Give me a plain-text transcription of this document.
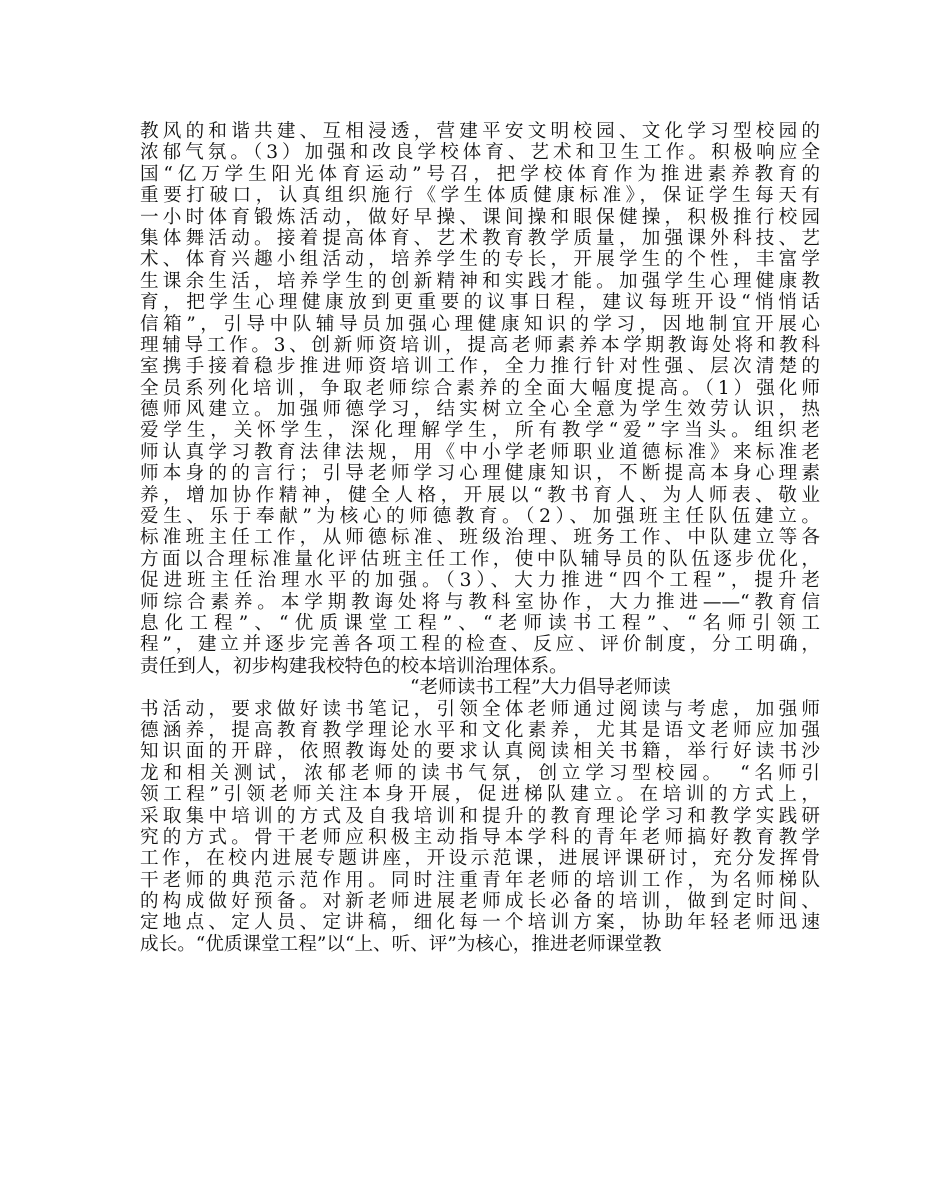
教风的和谐共建、互相浸透，营建平安文明校园、文化学习型校园的
浓郁气氛。（3）加强和改良学校体育、艺术和卫生工作。积极响应全
国“亿万学生阳光体育运动”号召，把学校体育作为推进素养教育的
重要打破口，认真组织施行《学生体质健康标准》，保证学生每天有
一小时体育锻炼活动，做好早操、课间操和眼保健操，积极推行校园
集体舞活动。接着提高体育、艺术教育教学质量，加强课外科技、艺
术、体育兴趣小组活动，培养学生的专长，开展学生的个性，丰富学
生课余生活，培养学生的创新精神和实践才能。加强学生心理健康教
育，把学生心理健康放到更重要的议事日程，建议每班开设“悄悄话
信箱”，引导中队辅导员加强心理健康知识的学习，因地制宜开展心
理辅导工作。3、创新师资培训，提高老师素养本学期教诲处将和教科
室携手接着稳步推进师资培训工作，全力推行针对性强、层次清楚的
全员系列化培训，争取老师综合素养的全面大幅度提高。（1）强化师
德师风建立。加强师德学习，结实树立全心全意为学生效劳认识，热
爱学生，关怀学生，深化理解学生，所有教学“爱”字当头。组织老
师认真学习教育法律法规，用《中小学老师职业道德标准》来标准老
师本身的的言行；引导老师学习心理健康知识，不断提高本身心理素
养，增加协作精神，健全人格，开展以“教书育人、为人师表、敬业
爱生、乐于奉献”为核心的师德教育。（2）、加强班主任队伍建立。
标准班主任工作，从师德标准、班级治理、班务工作、中队建立等各
方面以合理标准量化评估班主任工作，使中队辅导员的队伍逐步优化，
促进班主任治理水平的加强。（3）、大力推进“四个工程”，提升老
师综合素养。本学期教诲处将与教科室协作，大力推进——“教育信
息化工程”、“优质课堂工程”、“老师读书工程”、“名师引领工
程”，建立并逐步完善各项工程的检查、反应、评价制度，分工明确，
责任到人，初步构建我校特色的校本培训治理体系。
“老师读书工程”大力倡导老师读
书活动，要求做好读书笔记，引领全体老师通过阅读与考虑，加强师
德涵养，提高教育教学理论水平和文化素养，尤其是语文老师应加强
知识面的开辟，依照教诲处的要求认真阅读相关书籍，举行好读书沙
龙和相关测试，浓郁老师的读书气氛，创立学习型校园。　“名师引
领工程”引领老师关注本身开展，促进梯队建立。在培训的方式上，
采取集中培训的方式及自我培训和提升的教育理论学习和教学实践研
究的方式。骨干老师应积极主动指导本学科的青年老师搞好教育教学
工作，在校内进展专题讲座，开设示范课，进展评课研讨，充分发挥骨
干老师的典范示范作用。同时注重青年老师的培训工作，为名师梯队
的构成做好预备。对新老师进展老师成长必备的培训，做到定时间、
定地点、定人员、定讲稿，细化每一个培训方案，协助年轻老师迅速
成长。“优质课堂工程”以“上、听、评”为核心，推进老师课堂教
